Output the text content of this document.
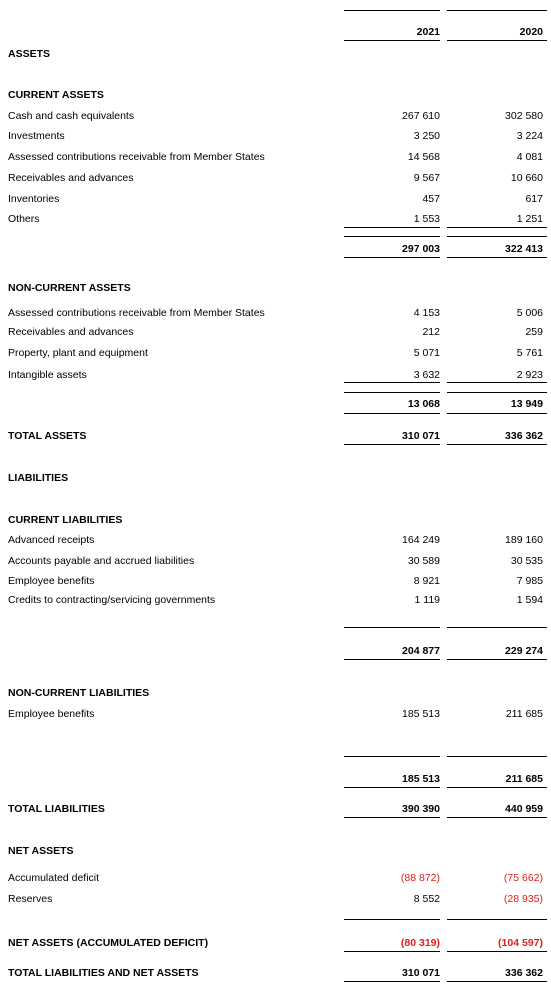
2021	2020
ASSETS
CURRENT ASSETS
Cash and cash equivalents	267 610	302 580
Investments	3 250	3 224
Assessed contributions receivable from Member States	14 568	4 081
Receivables and advances	9 567	10 660
Inventories	457	617
Others	1 553	1 251
297 003	322 413
NON-CURRENT ASSETS
Assessed contributions receivable from Member States	4 153	5 006
Receivables and advances	212	259
Property, plant and equipment	5 071	5 761
Intangible assets	3 632	2 923
13 068	13 949
TOTAL ASSETS	310 071	336 362
LIABILITIES
CURRENT LIABILITIES
Advanced receipts	164 249	189 160
Accounts payable and accrued liabilities	30 589	30 535
Employee benefits	8 921	7 985
Credits to contracting/servicing governments	1 119	1 594
204 877	229 274
NON-CURRENT LIABILITIES
Employee benefits	185 513	211 685
185 513	211 685
TOTAL LIABILITIES	390 390	440 959
NET ASSETS
Accumulated deficit	(88 872)	(75 662)
Reserves	8 552	(28 935)
NET ASSETS (ACCUMULATED DEFICIT)	(80 319)	(104 597)
TOTAL LIABILITIES AND NET ASSETS	310 071	336 362
